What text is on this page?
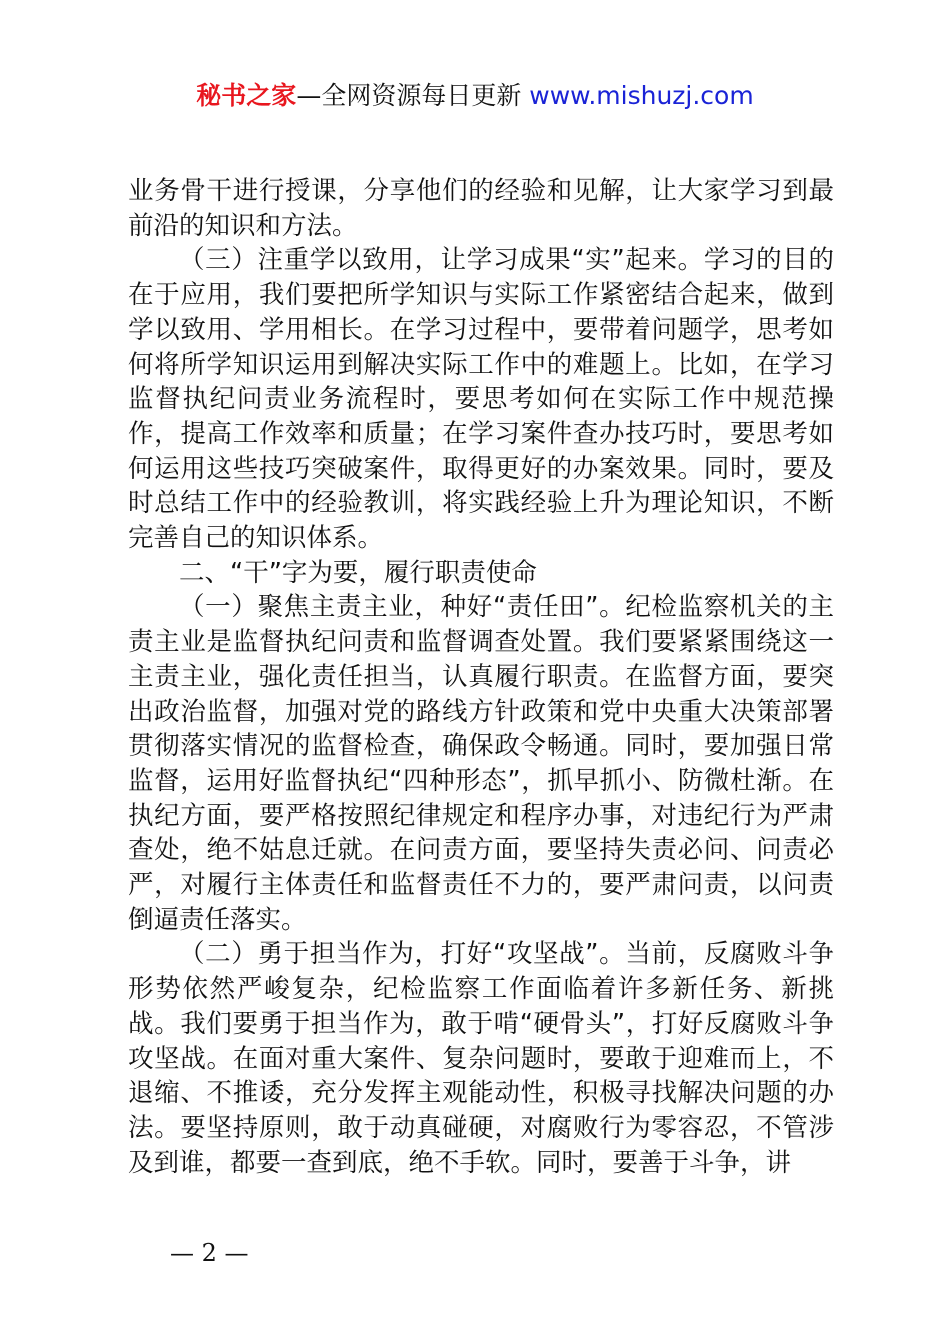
秘书之家—全网资源每日更新 www.mishuzj.com

业务骨干进行授课，分享他们的经验和见解，让大家学习到最前沿的知识和方法。

（三）注重学以致用，让学习成果“实”起来。学习的目的在于应用，我们要把所学知识与实际工作紧密结合起来，做到学以致用、学用相长。在学习过程中，要带着问题学，思考如何将所学知识运用到解决实际工作中的难题上。比如，在学习监督执纪问责业务流程时，要思考如何在实际工作中规范操作，提高工作效率和质量；在学习案件查办技巧时，要思考如何运用这些技巧突破案件，取得更好的办案效果。同时，要及时总结工作中的经验教训，将实践经验上升为理论知识，不断完善自己的知识体系。

二、“干”字为要，履行职责使命

（一）聚焦主责主业，种好“责任田”。纪检监察机关的主责主业是监督执纪问责和监督调查处置。我们要紧紧围绕这一主责主业，强化责任担当，认真履行职责。在监督方面，要突出政治监督，加强对党的路线方针政策和党中央重大决策部署贯彻落实情况的监督检查，确保政令畅通。同时，要加强日常监督，运用好监督执纪“四种形态”，抓早抓小、防微杜渐。在执纪方面，要严格按照纪律规定和程序办事，对违纪行为严肃查处，绝不姑息迁就。在问责方面，要坚持失责必问、问责必严，对履行主体责任和监督责任不力的，要严肃问责，以问责倒逼责任落实。

（二）勇于担当作为，打好“攻坚战”。当前，反腐败斗争形势依然严峻复杂，纪检监察工作面临着许多新任务、新挑战。我们要勇于担当作为，敢于啃“硬骨头”，打好反腐败斗争攻坚战。在面对重大案件、复杂问题时，要敢于迎难而上，不退缩、不推诿，充分发挥主观能动性，积极寻找解决问题的办法。要坚持原则，敢于动真碰硬，对腐败行为零容忍，不管涉及到谁，都要一查到底，绝不手软。同时，要善于斗争，讲

— 2 —
